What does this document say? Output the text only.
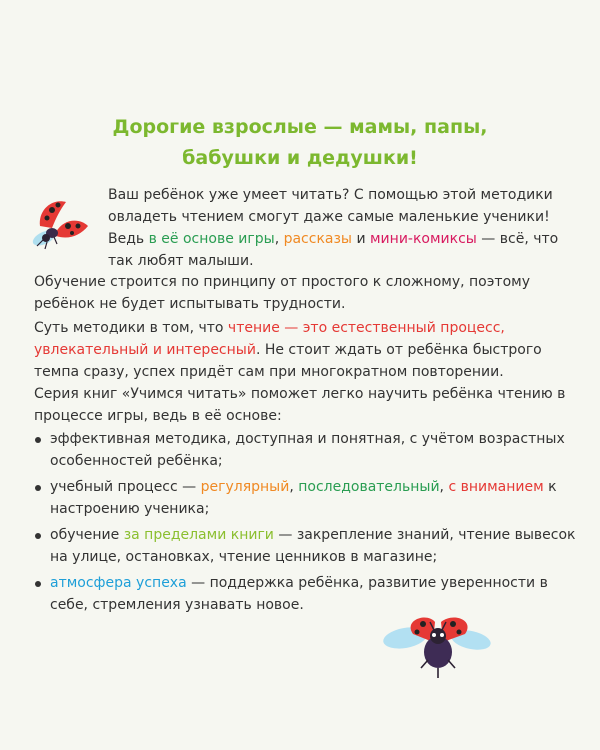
Дорогие взрослые — мамы, папы,
бабушки и дедушки!
Ваш ребёнок уже умеет читать? С помощью этой методики овладеть чтением смогут даже самые маленькие ученики! Ведь в её основе игры, рассказы и мини-комиксы — всё, что так любят малыши.
Обучение строится по принципу от простого к сложному, поэтому ребёнок не будет испытывать трудности.
Суть методики в том, что чтение — это естественный процесс, увлекательный и интересный. Не стоит ждать от ребёнка быстрого темпа сразу, успех придёт сам при многократном повторении.
Серия книг «Учимся читать» поможет легко научить ребёнка чтению в процессе игры, ведь в её основе:
эффективная методика, доступная и понятная, с учётом возрастных особенностей ребёнка;
учебный процесс — регулярный, последовательный, с вниманием к настроению ученика;
обучение за пределами книги — закрепление знаний, чтение вывесок на улице, остановках, чтение ценников в магазине;
атмосфера успеха — поддержка ребёнка, развитие уверенности в себе, стремления узнавать новое.
